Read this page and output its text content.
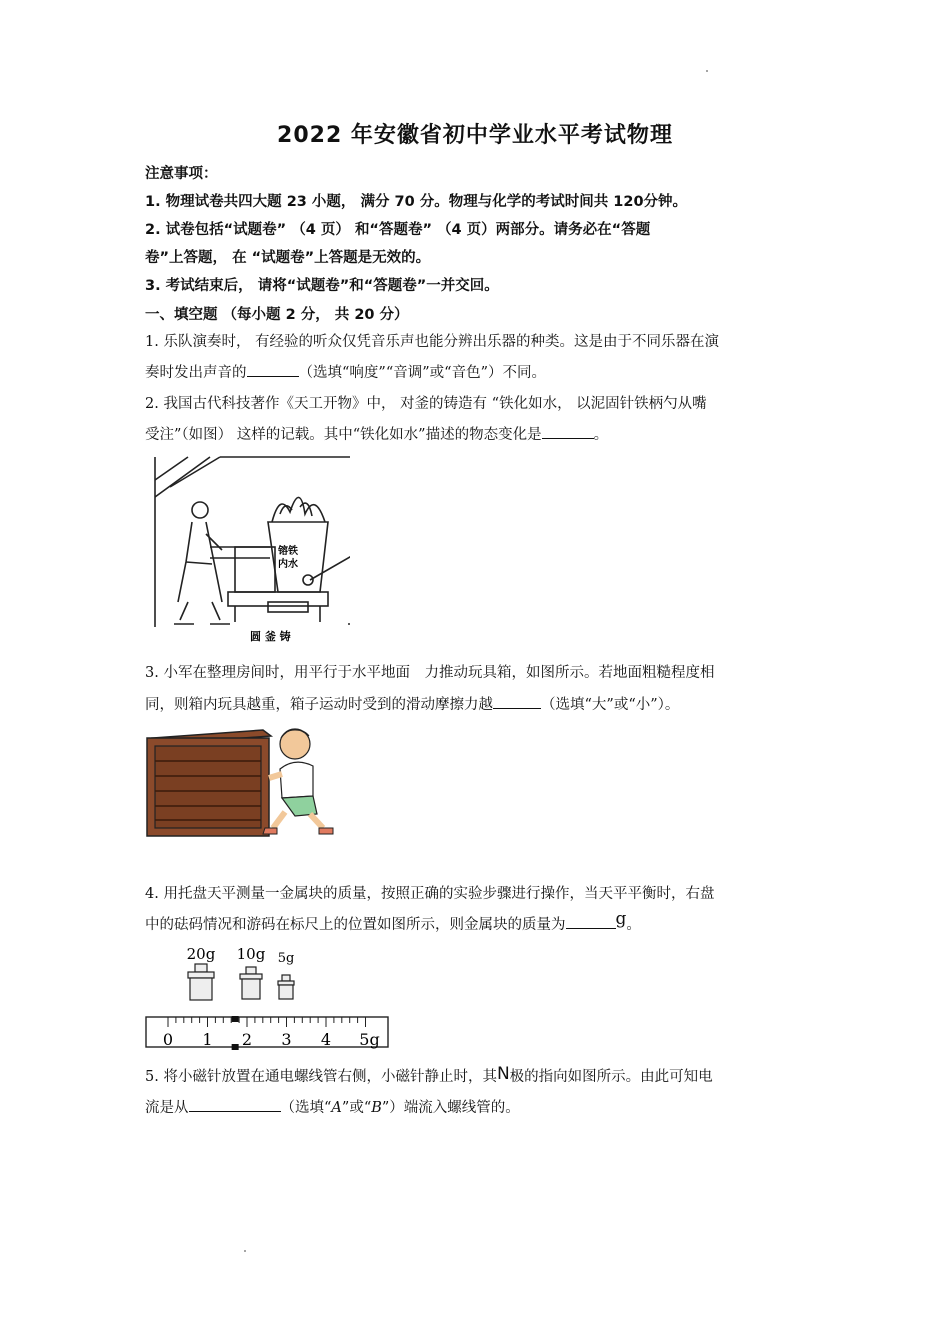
2022 年安徽省初中学业水平考试物理
注意事项：
1. 物理试卷共四大题 23 小题， 满分 70 分。物理与化学的考试时间共 120分钟。
2. 试卷包括“试题卷” （4 页） 和“答题卷” （4 页）两部分。请务必在“答题
卷”上答题， 在 “试题卷”上答题是无效的。
3. 考试结束后， 请将“试题卷”和“答题卷”一并交回。
一、填空题 （每小题 2 分， 共 20 分）
1. 乐队演奏时， 有经验的听众仅凭音乐声也能分辨出乐器的种类。这是由于不同乐器在演
奏时发出声音的	（选填“响度”“音调”或“音色”）不同。
2. 我国古代科技著作《天工开物》中， 对釜的铸造有 “铁化如水， 以泥固针铁柄勺从嘴
受注”（如图） 这样的记载。其中“铁化如水”描述的物态变化是	。
镕铁
内水
圆 釜 铸
3. 小军在整理房间时，用平行于水平地面　力推动玩具箱，如图所示。若地面粗糙程度相
同，则箱内玩具越重，箱子运动时受到的滑动摩擦力越	（选填“大”或“小”）。
4. 用托盘天平测量一金属块的质量，按照正确的实验步骤进行操作，当天平平衡时，右盘
中的砝码情况和游码在标尺上的位置如图所示，则金属块的质量为	g。
20g 10g 5g
0 1 2 3 4 5g
5. 将小磁针放置在通电螺线管右侧，小磁针静止时，其N极的指向如图所示。由此可知电
流是从	（选填“A”或“B”）端流入螺线管的。
